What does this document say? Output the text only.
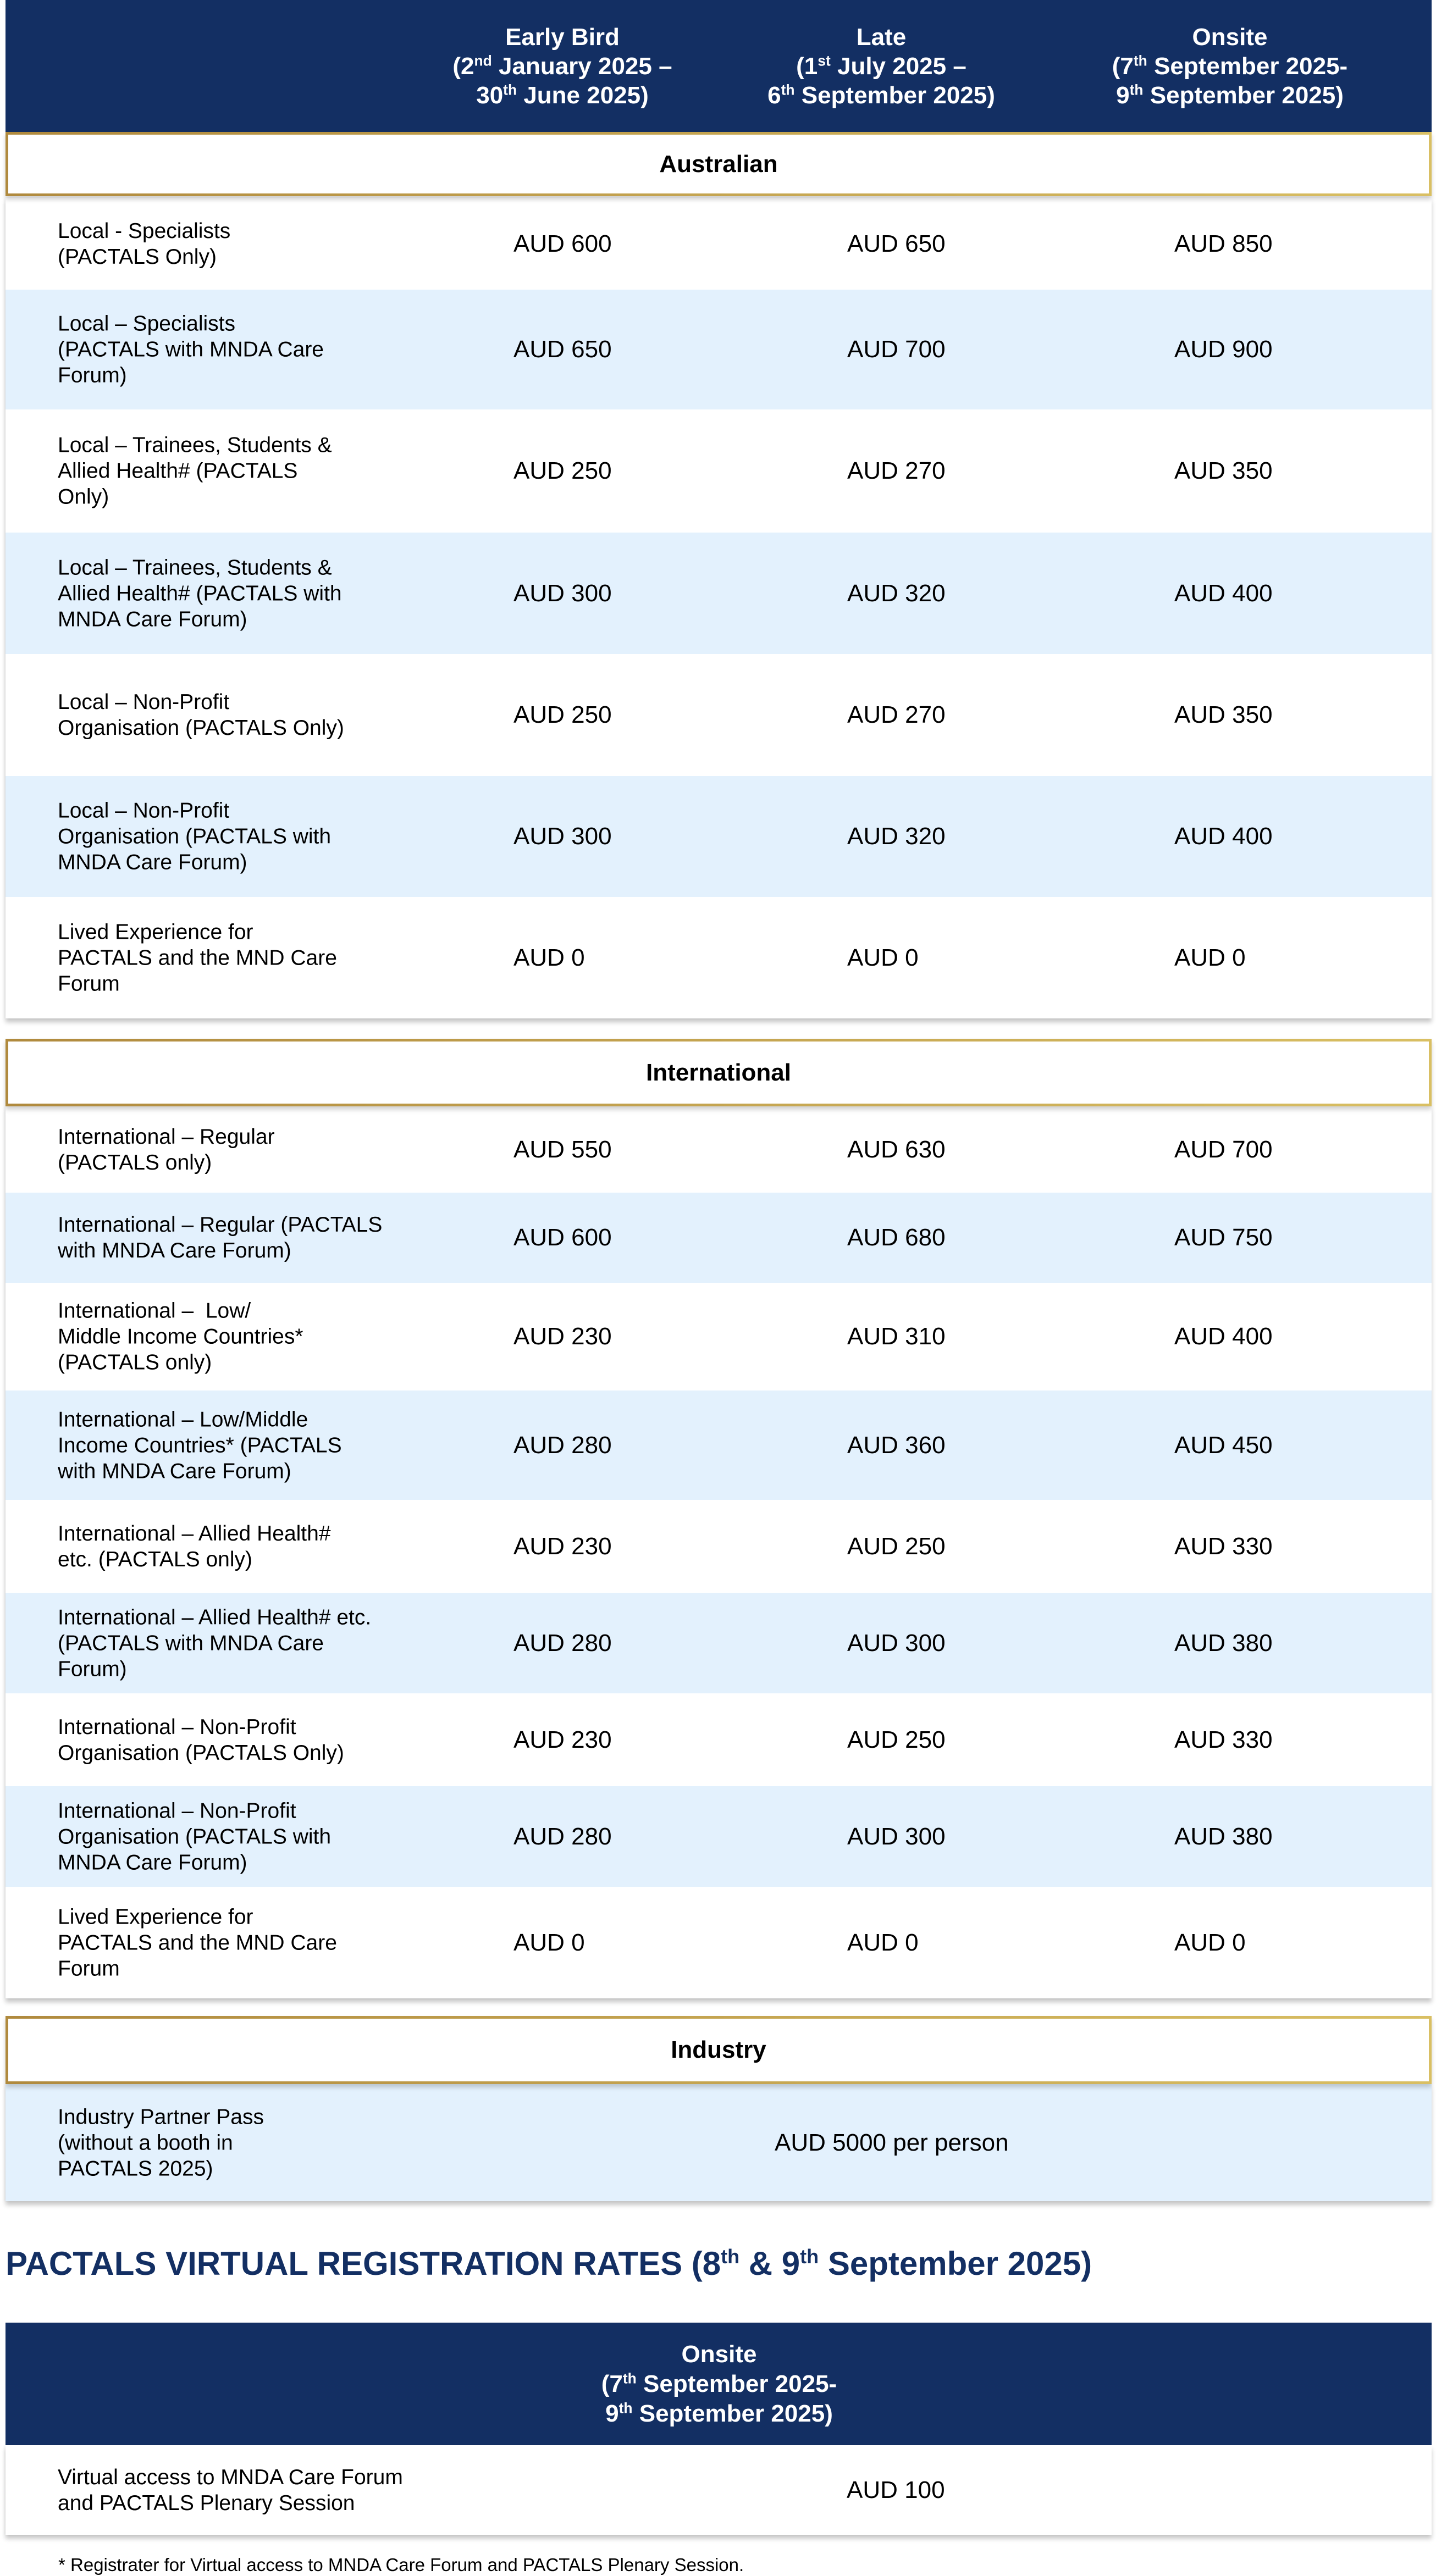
Early Bird
(2nd January 2025 –
30th June 2025)
Late
(1st July 2025 –
6th September 2025)
Onsite
(7th September 2025-
9th September 2025)
Australian
Local - Specialists
(PACTALS Only)	AUD 600	AUD 650	AUD 850
Local – Specialists
(PACTALS with MNDA Care
Forum)
AUD 650	AUD 700	AUD 900
Local – Trainees, Students &
Allied Health# (PACTALS
Only)
AUD 250	AUD 270	AUD 350
Local – Trainees, Students &
Allied Health# (PACTALS with
MNDA Care Forum)
AUD 300	AUD 320	AUD 400
Local – Non-Profit
Organisation (PACTALS Only)	AUD 250	AUD 270	AUD 350
Local – Non-Profit
Organisation (PACTALS with
MNDA Care Forum)
AUD 300	AUD 320	AUD 400
Lived Experience for
PACTALS and the MND Care
Forum
AUD 0	AUD 0	AUD 0
International
International – Regular
(PACTALS only)	AUD 550	AUD 630	AUD 700
International – Regular (PACTALS
with MNDA Care Forum)	AUD 600	AUD 680	AUD 750
International –  Low/
Middle Income Countries*
(PACTALS only)
AUD 230	AUD 310	AUD 400
International – Low/Middle
Income Countries* (PACTALS
with MNDA Care Forum)
AUD 280	AUD 360	AUD 450
International – Allied Health#
etc. (PACTALS only)	AUD 230	AUD 250	AUD 330
International – Allied Health# etc.
(PACTALS with MNDA Care
Forum)
AUD 280	AUD 300	AUD 380
International – Non-Profit
Organisation (PACTALS Only)	AUD 230	AUD 250	AUD 330
International – Non-Profit
Organisation (PACTALS with
MNDA Care Forum)
AUD 280	AUD 300	AUD 380
Lived Experience for
PACTALS and the MND Care
Forum
AUD 0	AUD 0	AUD 0
Industry
Industry Partner Pass
(without a booth in
PACTALS 2025)
AUD 5000 per person
PACTALS VIRTUAL REGISTRATION RATES (8th & 9th September 2025)
Onsite
(7th September 2025-
9th September 2025)
Virtual access to MNDA Care Forum
and PACTALS Plenary Session	AUD 100
* Registrater for Virtual access to MNDA Care Forum and PACTALS Plenary Session.
